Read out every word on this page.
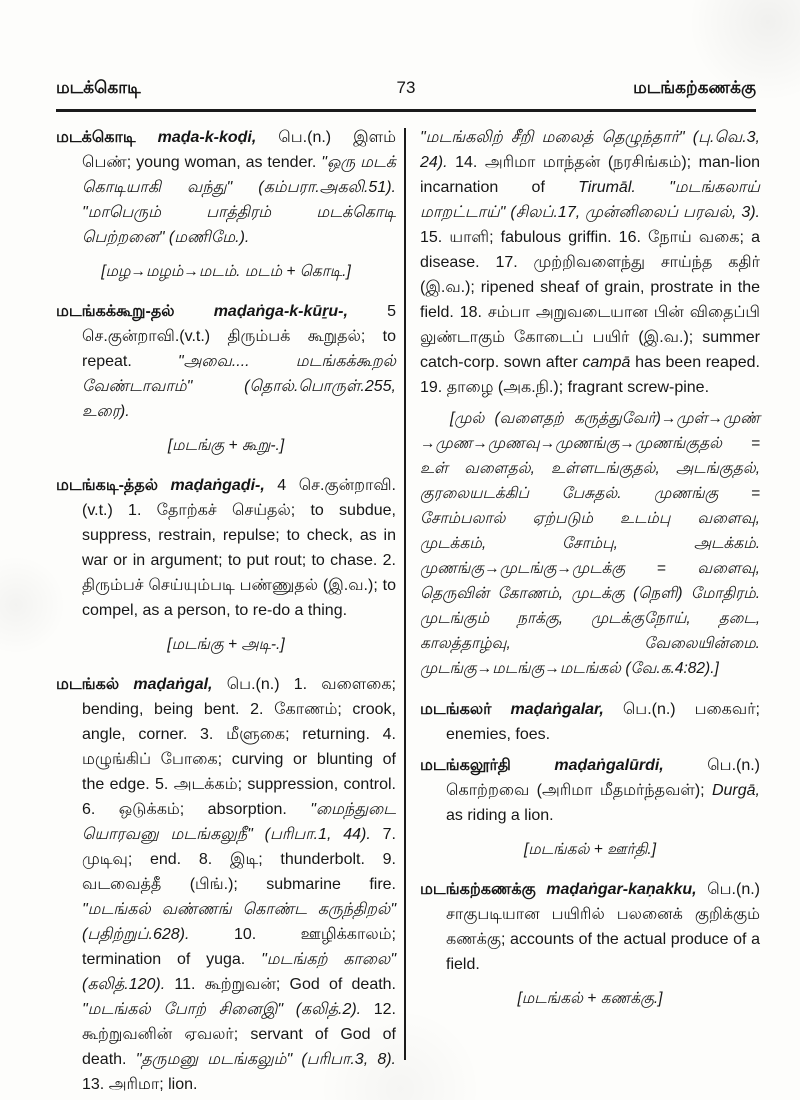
மடக்கொடி	73	மடங்கற்கணக்கு

மடக்கொடி maḍa-k-koḍi, பெ.(n.) இளம் பெண்; young woman, as tender. "ஒரு மடக் கொடியாகி வந்து" (கம்பரா.அகலி.51). "மாபெரும் பாத்திரம் மடக்கொடி பெற்றனை" (மணிமே.).

[மழ→மழம்→மடம். மடம் + கொடி.]

மடங்கக்கூறு-தல் maḍaṅga-k-kūṟu-, 5 செ.குன்றாவி.(v.t.) திரும்பக் கூறுதல்; to repeat. "அவை.... மடங்கக்கூறல் வேண்டாவாம்" (தொல்.பொருள்.255, உரை).

[மடங்கு + கூறு-.]

மடங்கடி-த்தல் maḍaṅgaḍi-, 4 செ.குன்றாவி. (v.t.) 1. தோற்கச் செய்தல்; to subdue, suppress, restrain, repulse; to check, as in war or in argument; to put rout; to chase. 2. திரும்பச் செய்யும்படி பண்ணுதல் (இ.வ.); to compel, as a person, to re-do a thing.

[மடங்கு + அடி-.]

மடங்கல் maḍaṅgal, பெ.(n.) 1. வளைகை; bending, being bent. 2. கோணம்; crook, angle, corner. 3. மீளுகை; returning. 4. மழுங்கிப் போகை; curving or blunting of the edge. 5. அடக்கம்; suppression, control. 6. ஒடுக்கம்; absorption. "மைந்துடை யொரவனு மடங்கலுநீ" (பரிபா.1, 44). 7. முடிவு; end. 8. இடி; thunderbolt. 9. வடவைத்தீ (பிங்.); submarine fire. "மடங்கல் வண்ணங் கொண்ட கருந்திறல்" (பதிற்றுப்.628). 10. ஊழிக்காலம்; termination of yuga. "மடங்கற் காலை" (கலித்.120). 11. கூற்றுவன்; God of death. "மடங்கல் போற் சினைஇ" (கலித்.2). 12. கூற்றுவனின் ஏவலர்; servant of God of death. "தருமனு மடங்கலும்" (பரிபா.3, 8). 13. அரிமா; lion.

"மடங்கலிற் சீறி மலைத் தெழுந்தார்" (பு.வெ.3, 24). 14. அரிமா மாந்தன் (நரசிங்கம்); man-lion incarnation of Tirumāl. "மடங்கலாய் மாறட்டாய்" (சிலப்.17, முன்னிலைப் பரவல், 3). 15. யாளி; fabulous griffin. 16. நோய் வகை; a disease. 17. முற்றிவளைந்து சாய்ந்த கதிர் (இ.வ.); ripened sheaf of grain, prostrate in the field. 18. சம்பா அறுவடையான பின் விதைப்பி லுண்டாகும் கோடைப் பயிர் (இ.வ.); summer catch-corp. sown after campā has been reaped. 19. தாழை (அக.நி.); fragrant screw-pine.

[முல் (வளைதற் கருத்துவேர்)→முள்→முண் →முண→முணவு→முணங்கு→முணங்குதல் = உள் வளைதல், உள்ளடங்குதல், அடங்குதல், குரலையடக்கிப் பேசுதல். முணங்கு = சோம்பலால் ஏற்படும் உடம்பு வளைவு, முடக்கம், சோம்பு, அடக்கம். முணங்கு→முடங்கு→முடக்கு = வளைவு, தெருவின் கோணம், முடக்கு (நெளி) மோதிரம். முடங்கும் நாக்கு, முடக்குநோய், தடை, காலத்தாழ்வு, வேலையின்மை. முடங்கு→மடங்கு→மடங்கல் (வே.க.4:82).]

மடங்கலர் maḍaṅgalar, பெ.(n.) பகைவர்; enemies, foes.

மடங்கலூர்தி maḍaṅgalūrdi, பெ.(n.) கொற்றவை (அரிமா மீதமர்ந்தவள்); Durgā, as riding a lion.

[மடங்கல் + ஊர்தி.]

மடங்கற்கணக்கு maḍaṅgar-kaṇakku, பெ.(n.) சாகுபடியான பயிரில் பலனைக் குறிக்கும் கணக்கு; accounts of the actual produce of a field.

[மடங்கல் + கணக்கு.]
